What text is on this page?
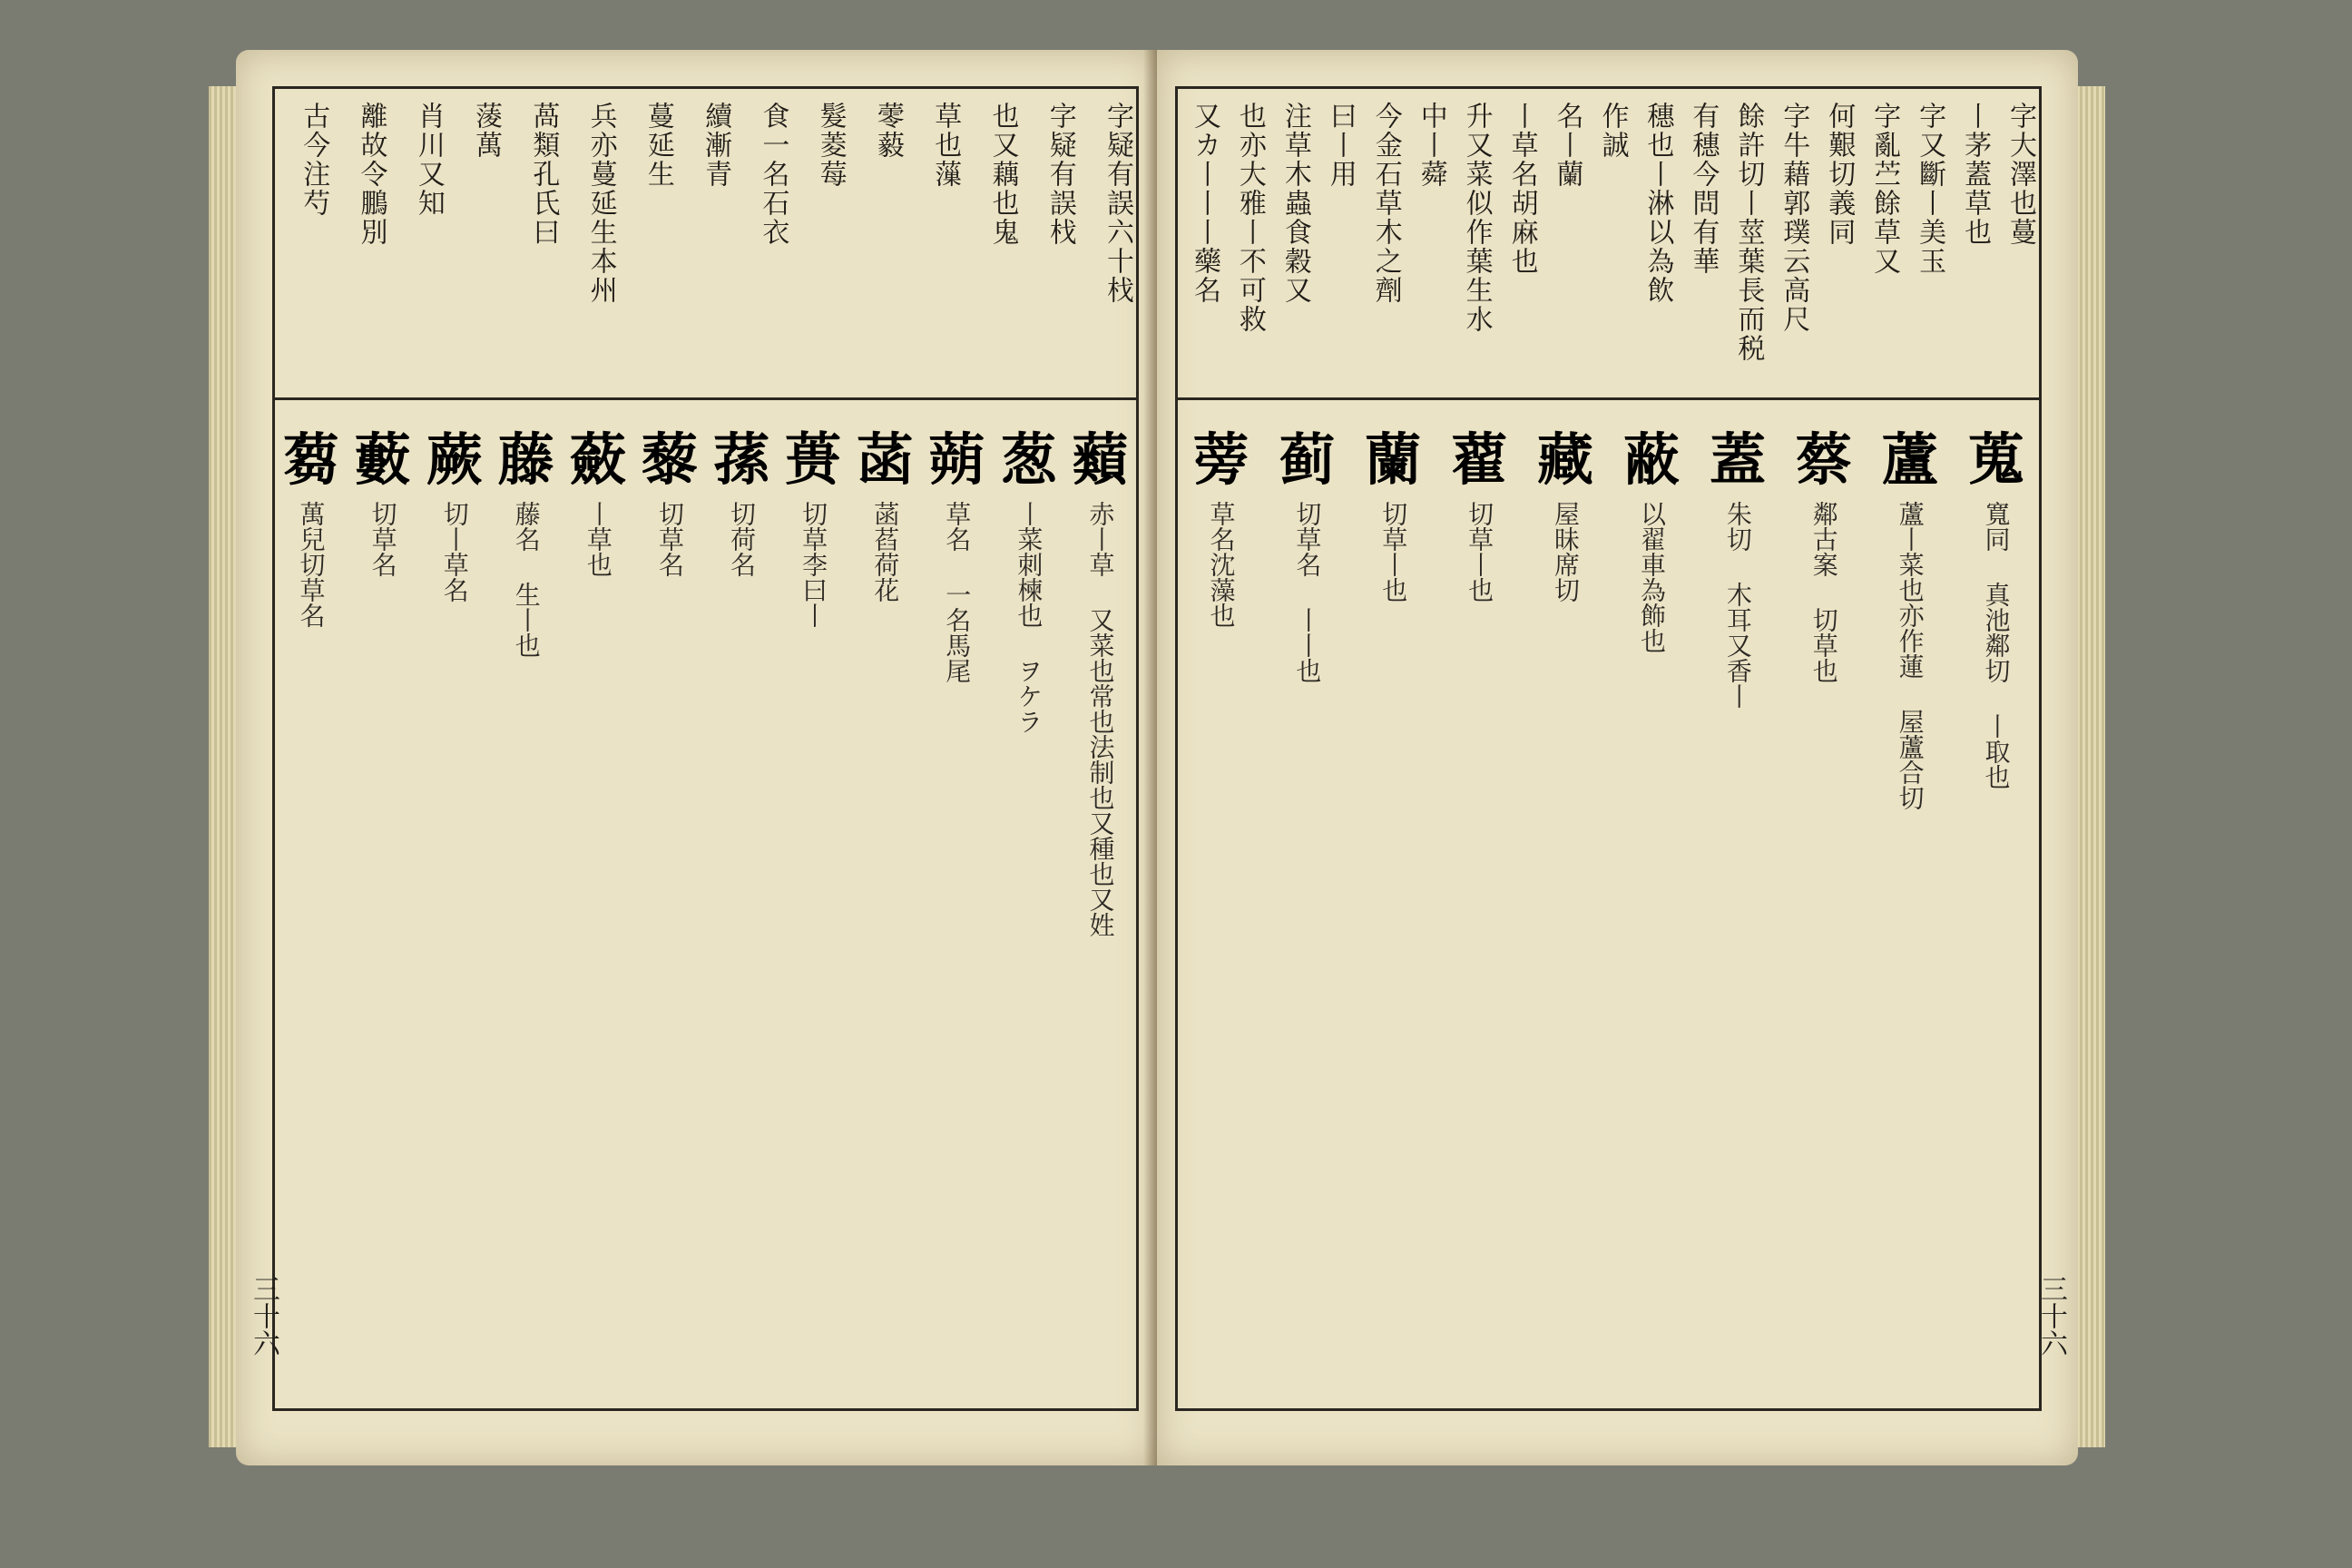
字疑有誤六十𣏾
字疑有誤𣏾
也又藕也鬼
草也薻
蕶藙
髮菱莓
食一名石衣
續漸青
蔓延生
兵亦蔓延生本州
萵類孔氏曰
蔆萬
肖川又知
離故令鵬別
古今注芍
蘱
赤丨草 又菜也常也法制也又種也又姓
葱
丨菜刺楝也 ヲケラ
蒴
草名 一名馬尾
菡
菡萏荷花
蒉
切草李曰丨
蓀
切荷名
藜
切草名
蘞
丨草也
藤
藤名 生丨也
蕨
切丨草名
藪
切草名
蒭
萬兒切草名
三十六
字大澤也蔓
丨茅蓋草也
字又斷丨美玉
字亂苎餘草又
何艱切義同
字牛藉郭璞云高尺
餘許切丨莖葉長而税
有穗今問有華
穗也丨淋以為飲
作誠
名丨蘭
丨草名胡麻也
升又菜似作葉生水
中丨蕣
今金石草木之劑
曰丨用
注草木蟲食穀又
也亦大雅丨不可救
又カ丨丨丨藥名
蒐
寬同 真池鄰切 丨取也
蘆
蘆丨菜也亦作蓮 屋蘆合切
蔡
鄰古案 切草也
蓋
朱切 木耳又香丨
蔽
以翟車為飾也
藏
屋昧席切
藋
切草丨也
蘭
切草丨也
蓟
切草名 丨丨也
蒡
草名沈藻也
三十六
